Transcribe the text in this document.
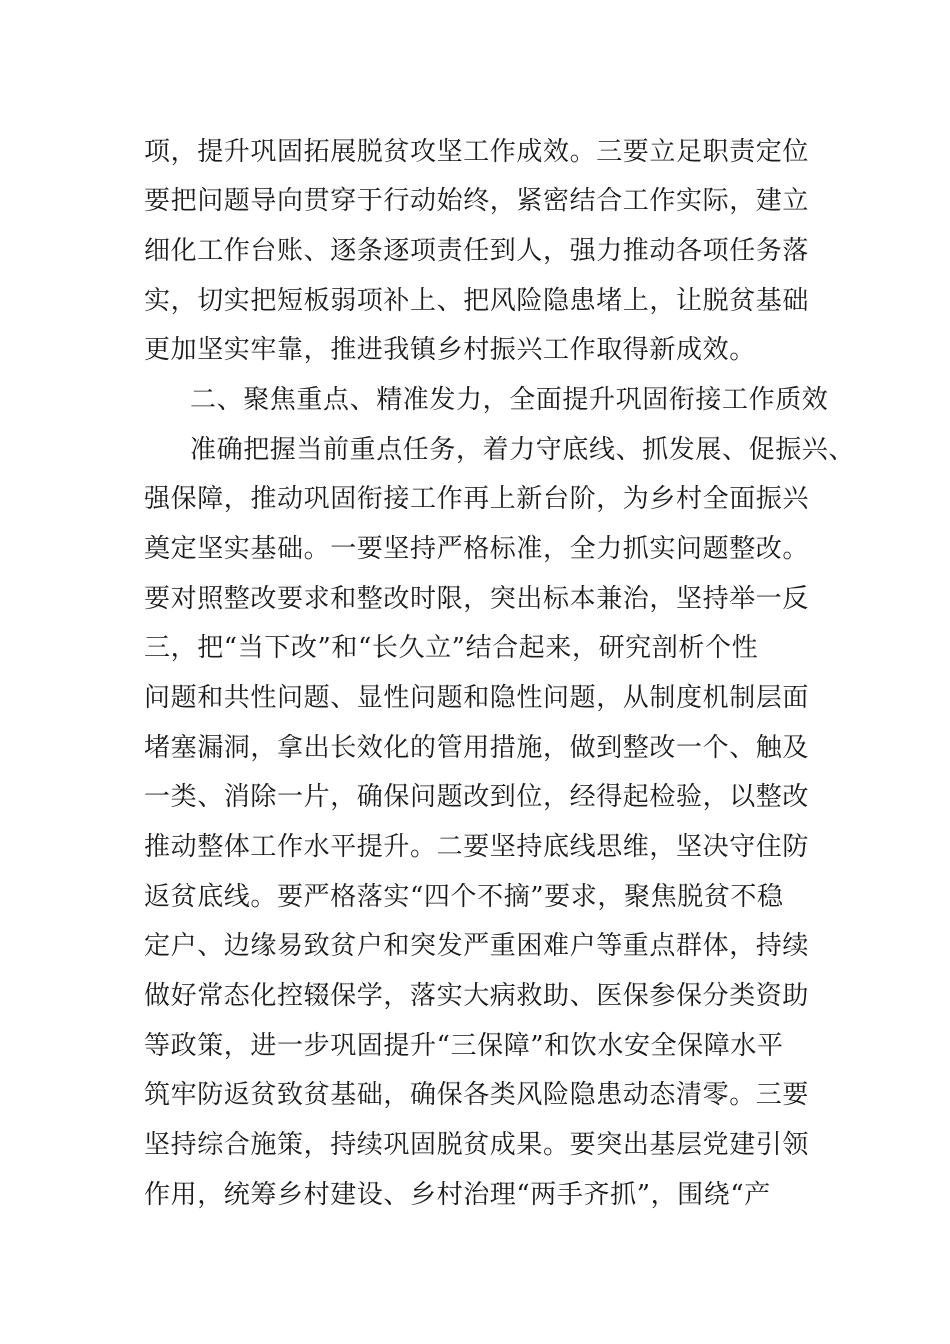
项，提升巩固拓展脱贫攻坚工作成效。三要立足职责定位
要把问题导向贯穿于行动始终，紧密结合工作实际，建立
细化工作台账、逐条逐项责任到人，强力推动各项任务落
实，切实把短板弱项补上、把风险隐患堵上，让脱贫基础
更加坚实牢靠，推进我镇乡村振兴工作取得新成效。
二、聚焦重点、精准发力，全面提升巩固衔接工作质效
准确把握当前重点任务，着力守底线、抓发展、促振兴、
强保障，推动巩固衔接工作再上新台阶，为乡村全面振兴
奠定坚实基础。一要坚持严格标准，全力抓实问题整改。
要对照整改要求和整改时限，突出标本兼治，坚持举一反
三，把“当下改”和“长久立”结合起来，研究剖析个性
问题和共性问题、显性问题和隐性问题，从制度机制层面
堵塞漏洞，拿出长效化的管用措施，做到整改一个、触及
一类、消除一片，确保问题改到位，经得起检验，以整改
推动整体工作水平提升。二要坚持底线思维，坚决守住防
返贫底线。要严格落实“四个不摘”要求，聚焦脱贫不稳
定户、边缘易致贫户和突发严重困难户等重点群体，持续
做好常态化控辍保学，落实大病救助、医保参保分类资助
等政策，进一步巩固提升“三保障”和饮水安全保障水平
筑牢防返贫致贫基础，确保各类风险隐患动态清零。三要
坚持综合施策，持续巩固脱贫成果。要突出基层党建引领
作用，统筹乡村建设、乡村治理“两手齐抓”，围绕“产
